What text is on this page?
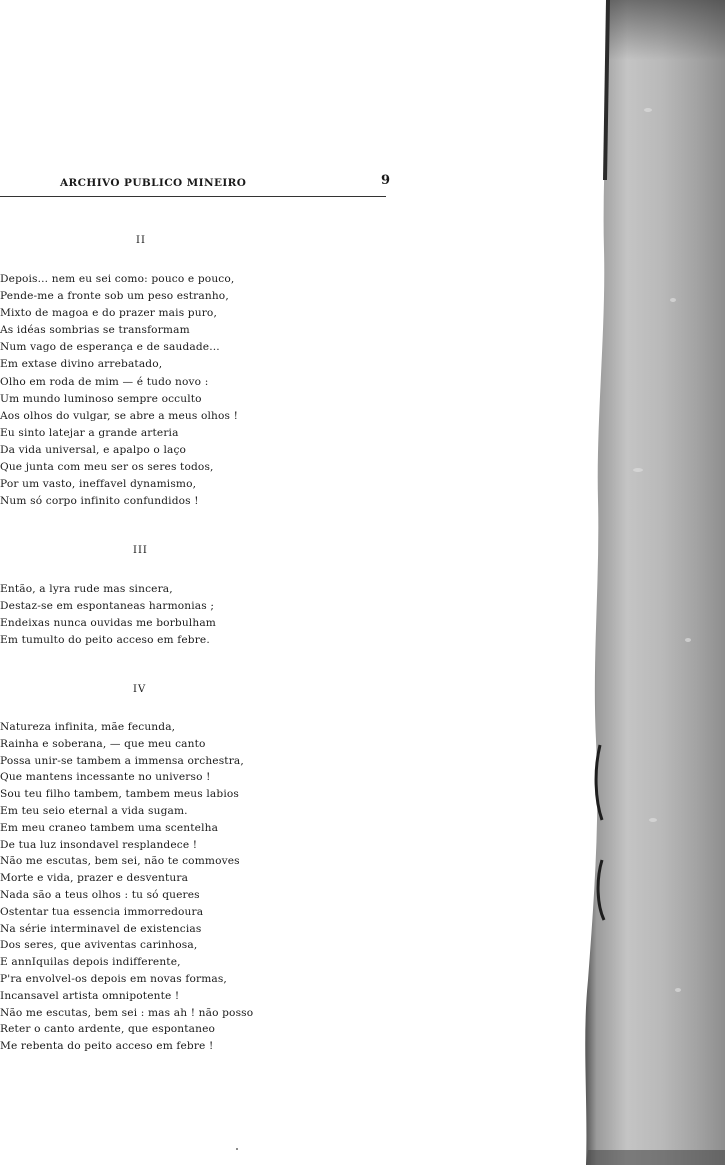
ARCHIVO PUBLICO MINEIRO	9
II
Depois... nem eu sei como: pouco e pouco,
Pende-me a fronte sob um peso estranho,
Mixto de magoa e do prazer mais puro,
As idéas sombrias se transformam
Num vago de esperança e de saudade...
Em extase divino arrebatado,
Olho em roda de mim — é tudo novo :
Um mundo luminoso sempre occulto
Aos olhos do vulgar, se abre a meus olhos !
Eu sinto latejar a grande arteria
Da vida universal, e apalpo o laço
Que junta com meu ser os seres todos,
Por um vasto, ineffavel dynamismo,
Num só corpo infinito confundidos !
III
Então, a lyra rude mas sincera,
Destaz-se em espontaneas harmonias ;
Endeixas nunca ouvidas me borbulham
Em tumulto do peito acceso em febre.
IV
Natureza infinita, mãe fecunda,
Rainha e soberana, — que meu canto
Possa unir-se tambem a immensa orchestra,
Que mantens incessante no universo !
Sou teu filho tambem, tambem meus labios
Em teu seio eternal a vida sugam.
Em meu craneo tambem uma scentelha
De tua luz insondavel resplandece !
Não me escutas, bem sei, não te commoves
Morte e vida, prazer e desventura
Nada são a teus olhos : tu só queres
Ostentar tua essencia immorredoura
Na série interminavel de existencias
Dos seres, que aviventas carinhosa,
E annIquilas depois indifferente,
P'ra envolvel-os depois em novas formas,
Incansavel artista omnipotente !
Não me escutas, bem sei : mas ah ! não posso
Reter o canto ardente, que espontaneo
Me rebenta do peito acceso em febre !
